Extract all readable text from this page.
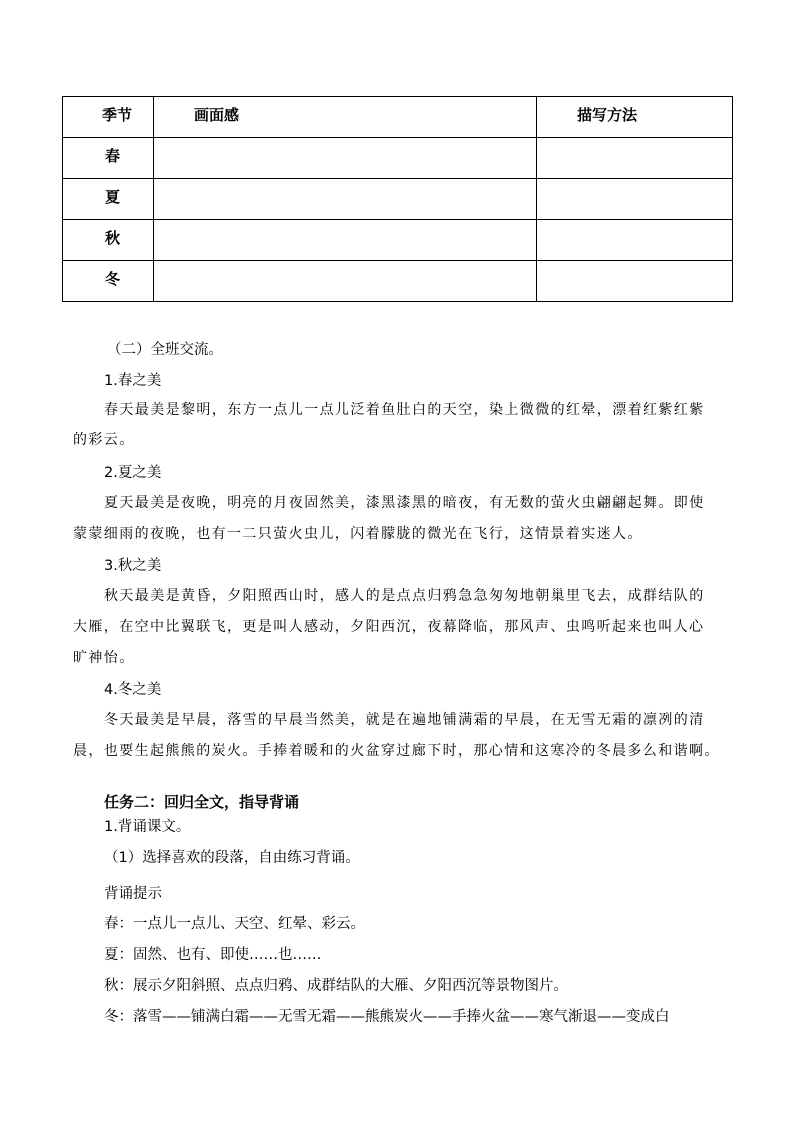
季节	画面感	描写方法

春		

夏		

秋		

冬		

（二）全班交流。
1.春之美
春天最美是黎明，东方一点儿一点儿泛着鱼肚白的天空，染上微微的红晕，漂着红紫红紫
的彩云。
2.夏之美
夏天最美是夜晚，明亮的月夜固然美，漆黑漆黑的暗夜，有无数的萤火虫翩翩起舞。即使
蒙蒙细雨的夜晚，也有一二只萤火虫儿，闪着朦胧的微光在飞行，这情景着实迷人。
3.秋之美
秋天最美是黄昏，夕阳照西山时，感人的是点点归鸦急急匆匆地朝巢里飞去，成群结队的
大雁，在空中比翼联飞，更是叫人感动，夕阳西沉，夜幕降临，那风声、虫鸣听起来也叫人心
旷神怡。
4.冬之美
冬天最美是早晨，落雪的早晨当然美，就是在遍地铺满霜的早晨，在无雪无霜的凛冽的清
晨，也要生起熊熊的炭火。手捧着暖和的火盆穿过廊下时，那心情和这寒冷的冬晨多么和谐啊。
任务二：回归全文，指导背诵
1.背诵课文。
（1）选择喜欢的段落，自由练习背诵。
背诵提示
春：一点儿一点儿、天空、红晕、彩云。
夏：固然、也有、即使……也……
秋：展示夕阳斜照、点点归鸦、成群结队的大雁、夕阳西沉等景物图片。
冬：落雪——铺满白霜——无雪无霜——熊熊炭火——手捧火盆——寒气渐退——变成白
